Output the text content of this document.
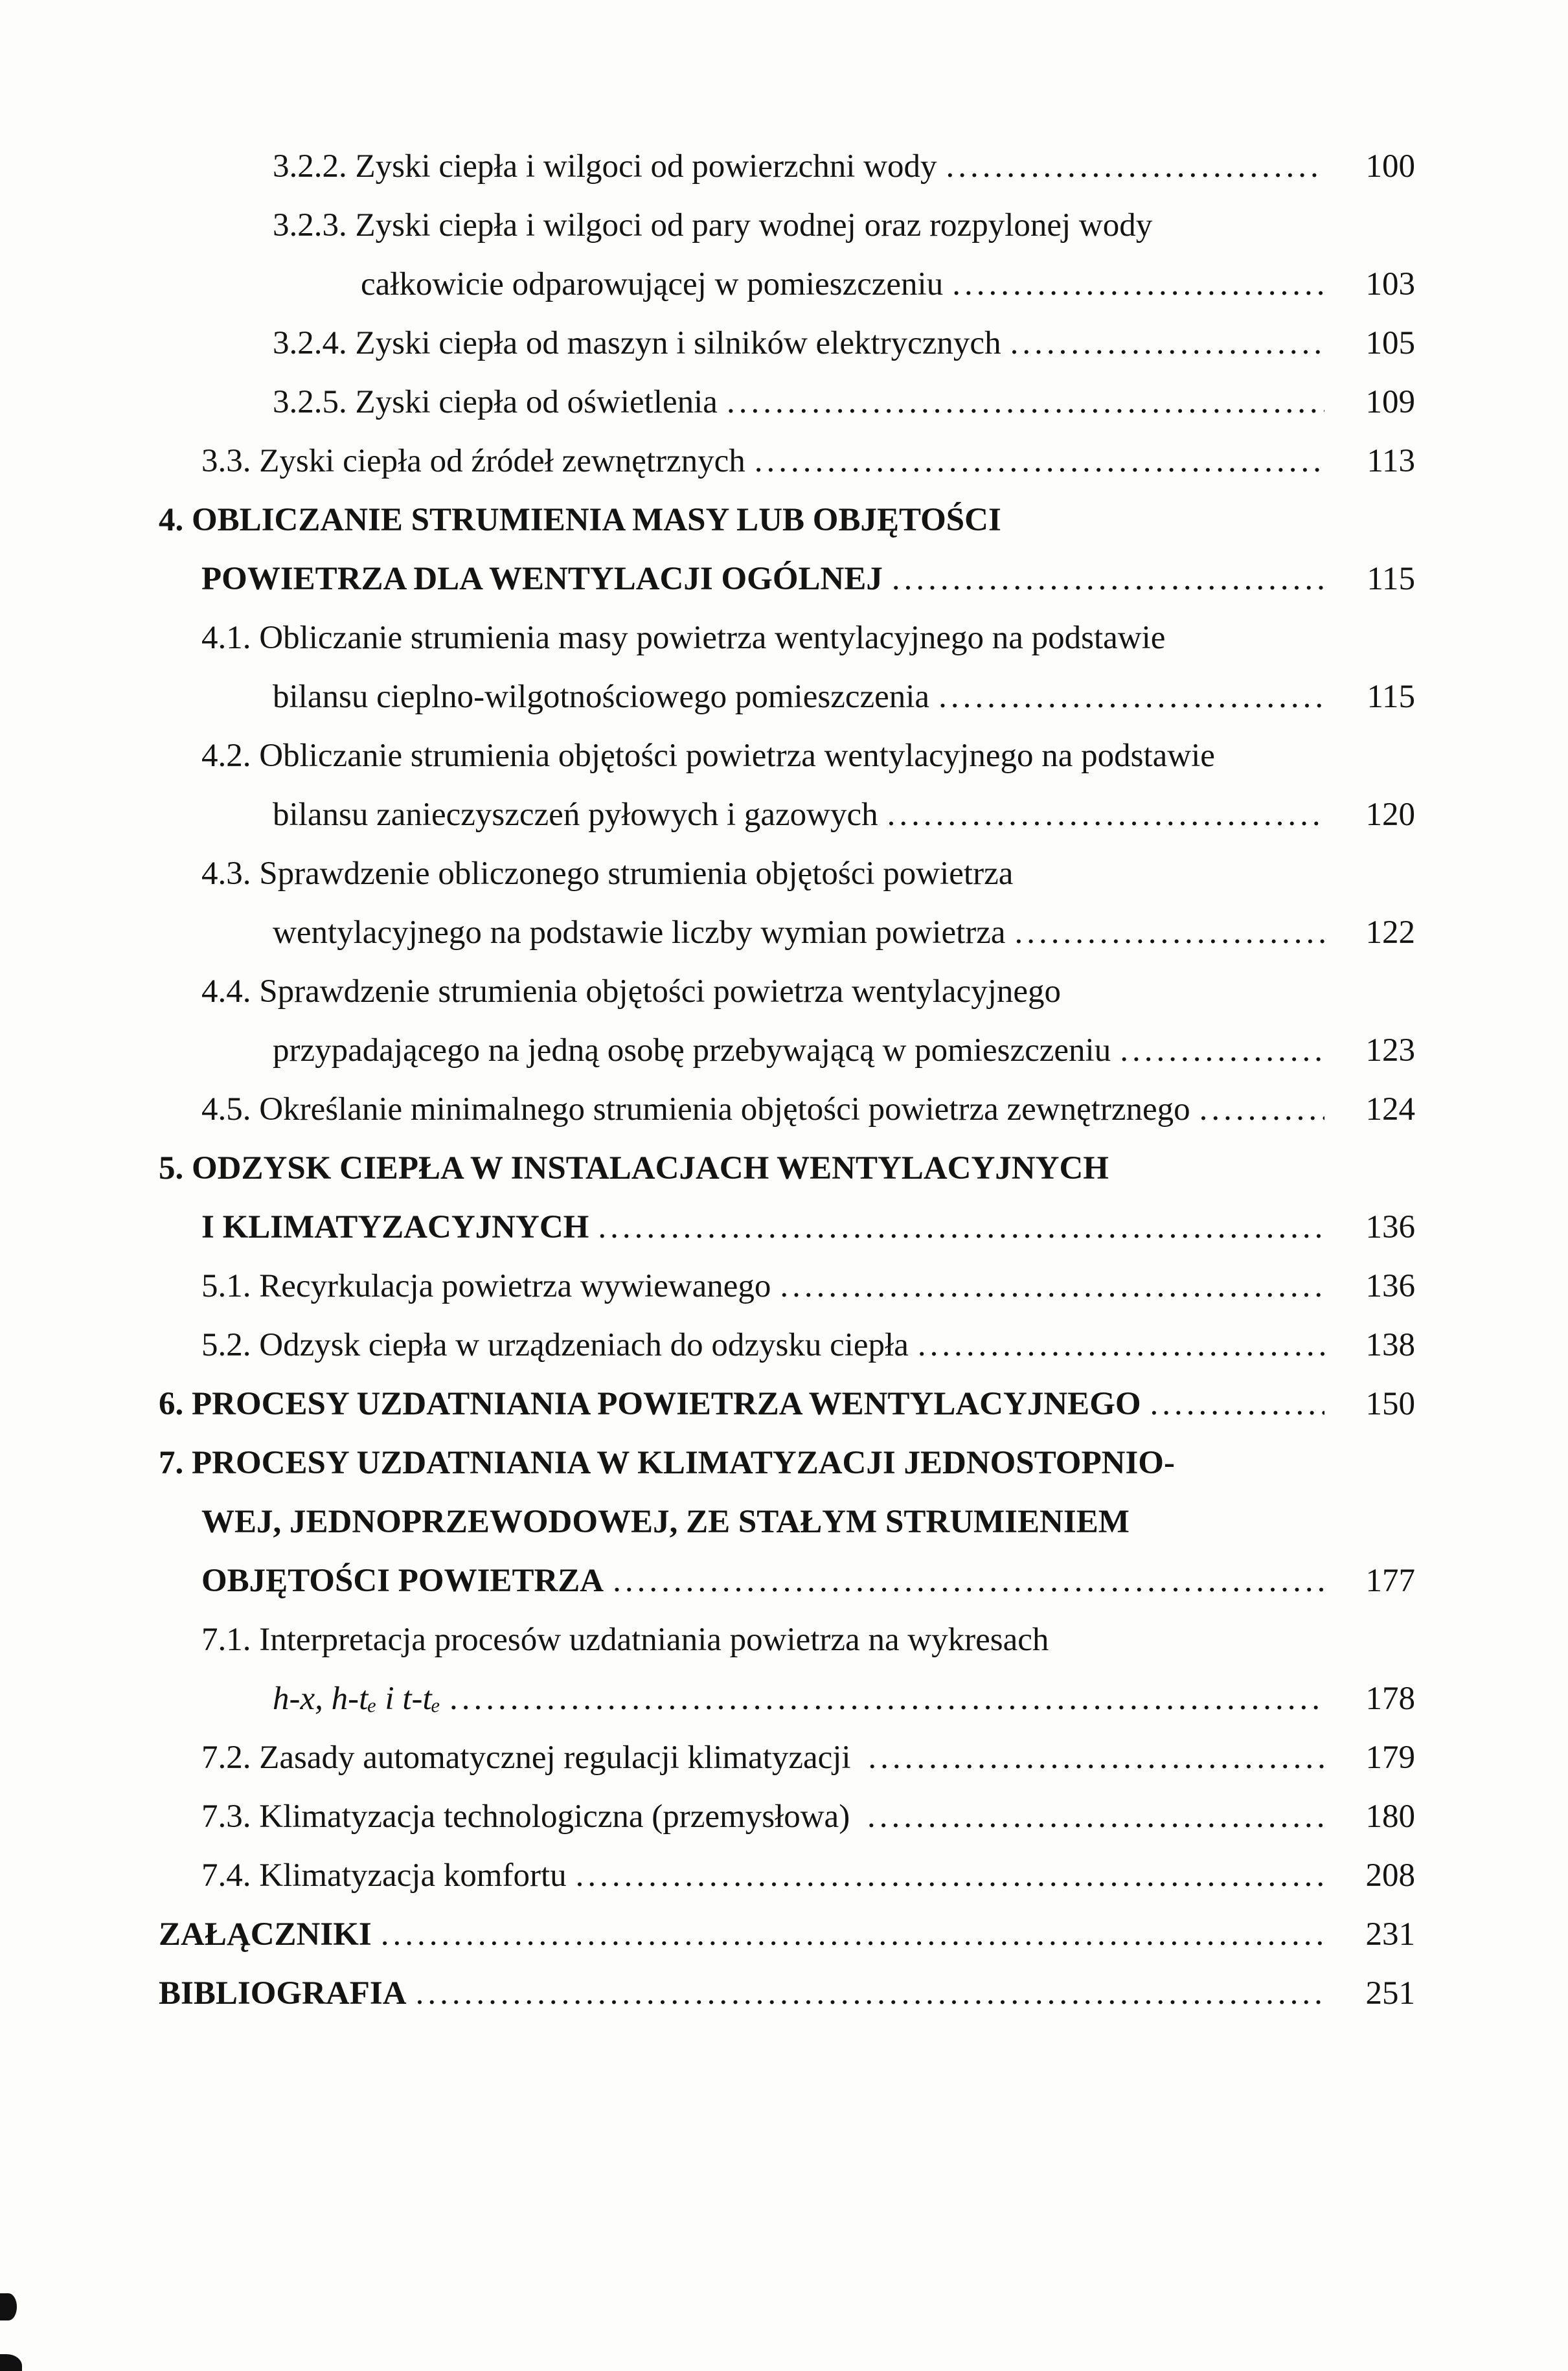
3.2.2. Zyski ciepła i wilgoci od powierzchni wody .....	100
3.2.3. Zyski ciepła i wilgoci od pary wodnej oraz rozpylonej wody
całkowicie odparowującej w pomieszczeniu .....	103
3.2.4. Zyski ciepła od maszyn i silników elektrycznych .....	105
3.2.5. Zyski ciepła od oświetlenia .....	109
3.3. Zyski ciepła od źródeł zewnętrznych .....	113
4. OBLICZANIE STRUMIENIA MASY LUB OBJĘTOŚCI
POWIETRZA DLA WENTYLACJI OGÓLNEJ .....	115
4.1. Obliczanie strumienia masy powietrza wentylacyjnego na podstawie
bilansu cieplno-wilgotnościowego pomieszczenia .....	115
4.2. Obliczanie strumienia objętości powietrza wentylacyjnego na podstawie
bilansu zanieczyszczeń pyłowych i gazowych .....	120
4.3. Sprawdzenie obliczonego strumienia objętości powietrza
wentylacyjnego na podstawie liczby wymian powietrza .....	122
4.4. Sprawdzenie strumienia objętości powietrza wentylacyjnego
przypadającego na jedną osobę przebywającą w pomieszczeniu .....	123
4.5. Określanie minimalnego strumienia objętości powietrza zewnętrznego .....	124
5. ODZYSK CIEPŁA W INSTALACJACH WENTYLACYJNYCH
I KLIMATYZACYJNYCH .....	136
5.1. Recyrkulacja powietrza wywiewanego .....	136
5.2. Odzysk ciepła w urządzeniach do odzysku ciepła .....	138
6. PROCESY UZDATNIANIA POWIETRZA WENTYLACYJNEGO .....	150
7. PROCESY UZDATNIANIA W KLIMATYZACJI JEDNOSTOPNIO-
WEJ, JEDNOPRZEWODOWEJ, ZE STAŁYM STRUMIENIEM
OBJĘTOŚCI POWIETRZA .....	177
7.1. Interpretacja procesów uzdatniania powietrza na wykresach
h-x, h-tₑ i t-tₑ .....	178
7.2. Zasady automatycznej regulacji klimatyzacji .....	179
7.3. Klimatyzacja technologiczna (przemysłowa) .....	180
7.4. Klimatyzacja komfortu .....	208
ZAŁĄCZNIKI .....	231
BIBLIOGRAFIA .....	251
